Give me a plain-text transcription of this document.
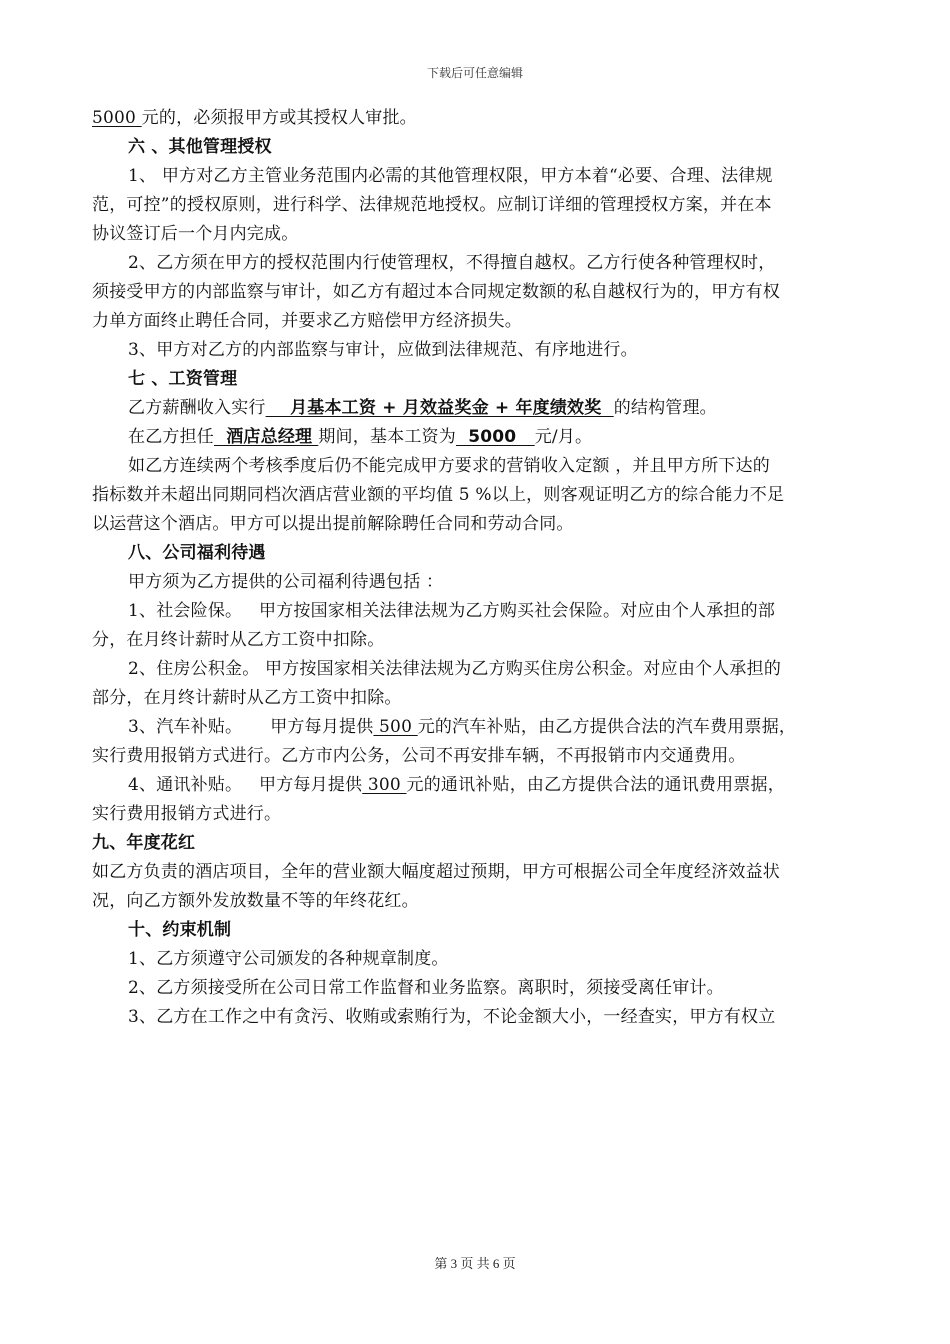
下载后可任意编辑
5000 元的，必须报甲方或其授权人审批。
六 、其他管理授权
1、 甲方对乙方主管业务范围内必需的其他管理权限，甲方本着“必要、合理、法律规
范，可控”的授权原则，进行科学、法律规范地授权。应制订详细的管理授权方案，并在本
协议签订后一个月内完成。
2、乙方须在甲方的授权范围内行使管理权，不得擅自越权。乙方行使各种管理权时，
须接受甲方的内部监察与审计，如乙方有超过本合同规定数额的私自越权行为的，甲方有权
力单方面终止聘任合同，并要求乙方赔偿甲方经济损失。
3、甲方对乙方的内部监察与审计，应做到法律规范、有序地进行。
七 、工资管理
乙方薪酬收入实行    月基本工资 + 月效益奖金 + 年度绩效奖  的结构管理。
在乙方担任  酒店总经理 期间，基本工资为  5000   元/月。
如乙方连续两个考核季度后仍不能完成甲方要求的营销收入定额 ，并且甲方所下达的
指标数并未超出同期同档次酒店营业额的平均值 5 %以上，则客观证明乙方的综合能力不足
以运营这个酒店。甲方可以提出提前解除聘任合同和劳动合同。
八、公司福利待遇
甲方须为乙方提供的公司福利待遇包括 ：
1、社会险保。   甲方按国家相关法律法规为乙方购买社会保险。对应由个人承担的部
分，在月终计薪时从乙方工资中扣除。
2、住房公积金。 甲方按国家相关法律法规为乙方购买住房公积金。对应由个人承担的
部分，在月终计薪时从乙方工资中扣除。
3、汽车补贴。     甲方每月提供 500 元的汽车补贴，由乙方提供合法的汽车费用票据，
实行费用报销方式进行。乙方市内公务，公司不再安排车辆，不再报销市内交通费用。
4、通讯补贴。   甲方每月提供 300 元的通讯补贴，由乙方提供合法的通讯费用票据，
实行费用报销方式进行。
九、年度花红
如乙方负责的酒店项目，全年的营业额大幅度超过预期，甲方可根据公司全年度经济效益状
况，向乙方额外发放数量不等的年终花红。
十、约束机制
1、乙方须遵守公司颁发的各种规章制度。
2、乙方须接受所在公司日常工作监督和业务监察。离职时，须接受离任审计。
3、乙方在工作之中有贪污、收贿或索贿行为，不论金额大小，一经查实，甲方有权立
第 3 页 共 6 页
